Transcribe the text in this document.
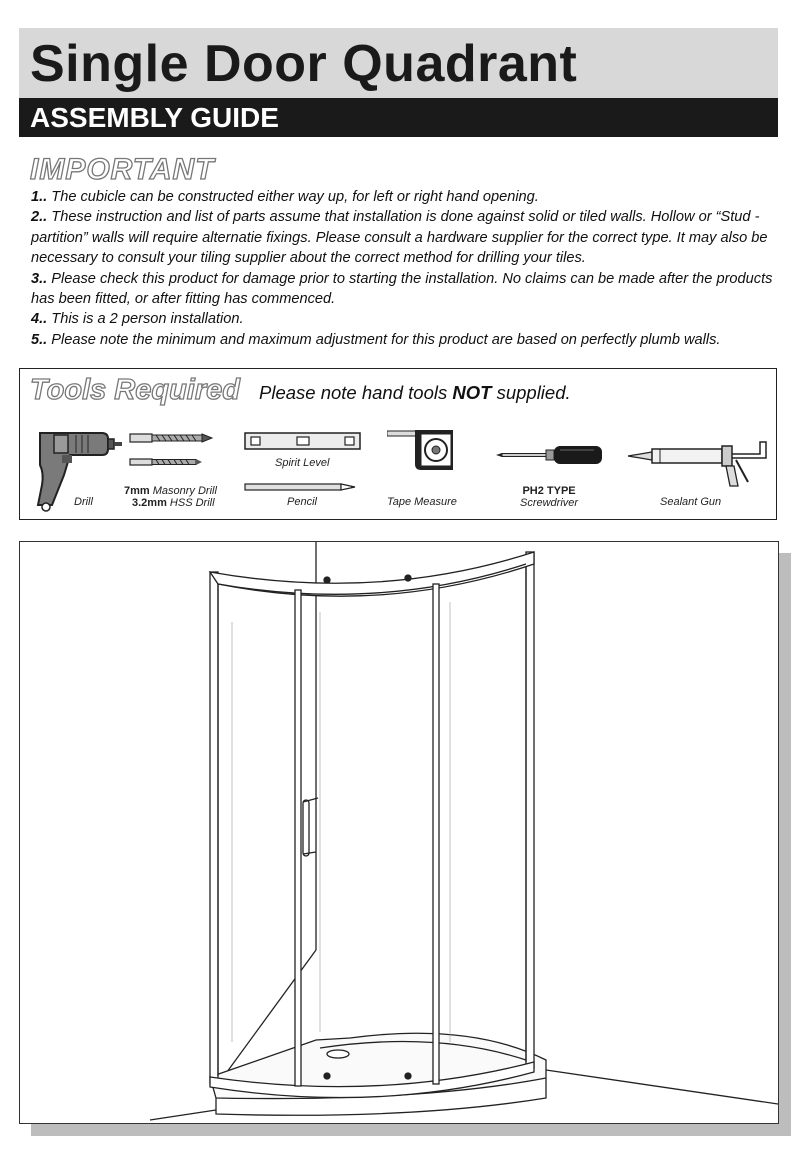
Single Door Quadrant
ASSEMBLY GUIDE
IMPORTANT

1.. The cubicle can be constructed either way up, for left or right hand opening.

2.. These instruction and list of parts assume that installation is done against solid or tiled walls. Hollow or “Stud - partition” walls will require alternatie fixings. Please consult a hardware supplier for the correct type. It may also be necessary to consult your tiling supplier about the correct method for drilling your tiles.

3.. Please check this product for damage prior to starting the installation. No claims can be made after the products has been fitted, or after fitting has commenced.

4.. This is a 2 person installation.

5.. Please note the minimum and maximum adjustment for this product are based on perfectly plumb walls.

Tools Required Please note hand tools NOT supplied.
Drill
7mm Masonry Drill
3.2mm HSS Drill
Spirit Level
Pencil	Tape Measure
PH2 TYPE
Screwdriver	Sealant Gun
